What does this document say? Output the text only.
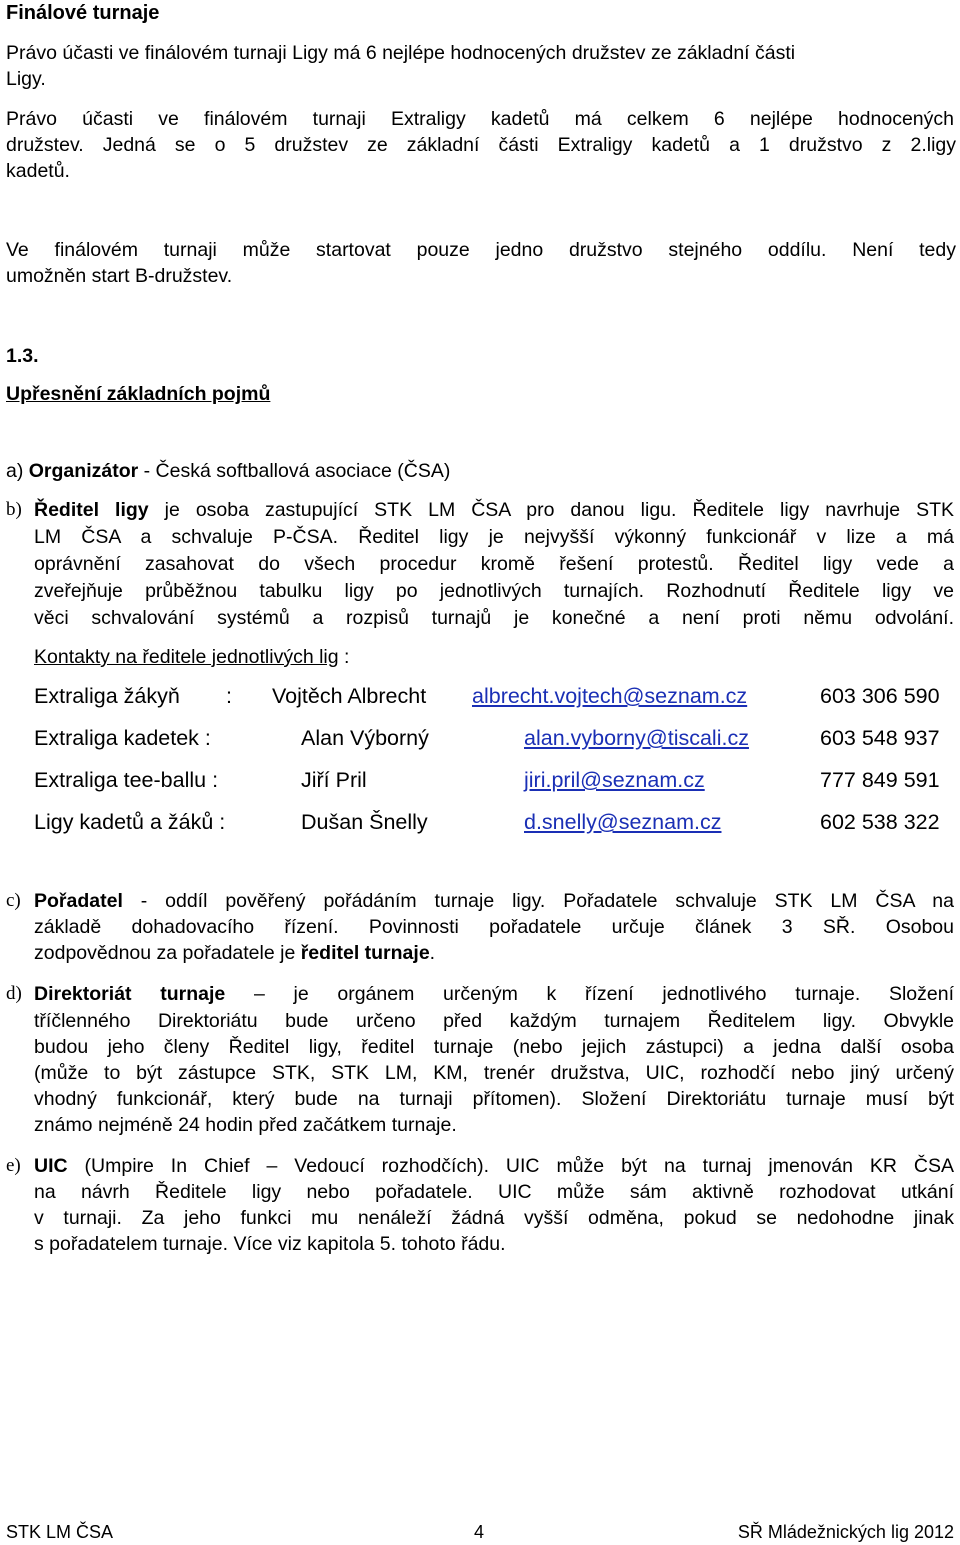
Finálové turnaje
Právo účasti ve finálovém turnaji Ligy má 6 nejlépe hodnocených družstev ze základní části
Ligy.
Právo účasti ve finálovém turnaji Extraligy kadetů má celkem 6 nejlépe hodnocených
družstev. Jedná se o 5 družstev ze základní části Extraligy kadetů a 1 družstvo z 2.ligy
kadetů.
Ve finálovém turnaji může startovat pouze jedno družstvo stejného oddílu. Není tedy
umožněn start B-družstev.
1.3.
Upřesnění základních pojmů
a) Organizátor - Česká softballová asociace (ČSA)
b) Ředitel ligy je osoba zastupující STK LM ČSA pro danou ligu. Ředitele ligy navrhuje STK
LM ČSA a schvaluje P-ČSA. Ředitel ligy je nejvyšší výkonný funkcionář v lize a má
oprávnění zasahovat do všech procedur kromě řešení protestů. Ředitel ligy vede a
zveřejňuje průběžnou tabulku ligy po jednotlivých turnajích. Rozhodnutí Ředitele ligy ve
věci schvalování systémů a rozpisů turnajů je konečné a není proti němu odvolání.
Kontakty na ředitele jednotlivých lig :
Extraliga žákyň : Vojtěch Albrecht albrecht.vojtech@seznam.cz	603 306 590
Extraliga kadetek :	Alan Výborný	alan.vyborny@tiscali.cz	603 548 937
Extraliga tee-ballu :	Jiří Pril	jiri.pril@seznam.cz	777 849 591
Ligy kadetů a žáků :	Dušan Šnelly	d.snelly@seznam.cz	602 538 322
c) Pořadatel - oddíl pověřený pořádáním turnaje ligy. Pořadatele schvaluje STK LM ČSA na
základě dohadovacího řízení. Povinnosti pořadatele určuje článek 3 SŘ. Osobou
zodpovědnou za pořadatele je ředitel turnaje.
d) Direktoriát turnaje – je orgánem určeným k řízení jednotlivého turnaje. Složení
tříčlenného Direktoriátu bude určeno před každým turnajem Ředitelem ligy. Obvykle
budou jeho členy Ředitel ligy, ředitel turnaje (nebo jejich zástupci) a jedna další osoba
(může to být zástupce STK, STK LM, KM, trenér družstva, UIC, rozhodčí nebo jiný určený
vhodný funkcionář, který bude na turnaji přítomen). Složení Direktoriátu turnaje musí být
známo nejméně 24 hodin před začátkem turnaje.
e) UIC (Umpire In Chief – Vedoucí rozhodčích). UIC může být na turnaj jmenován KR ČSA
na návrh Ředitele ligy nebo pořadatele. UIC může sám aktivně rozhodovat utkání
v turnaji. Za jeho funkci mu nenáleží žádná vyšší odměna, pokud se nedohodne jinak
s pořadatelem turnaje. Více viz kapitola 5. tohoto řádu.
STK LM ČSA	4	SŘ Mládežnických lig 2012
